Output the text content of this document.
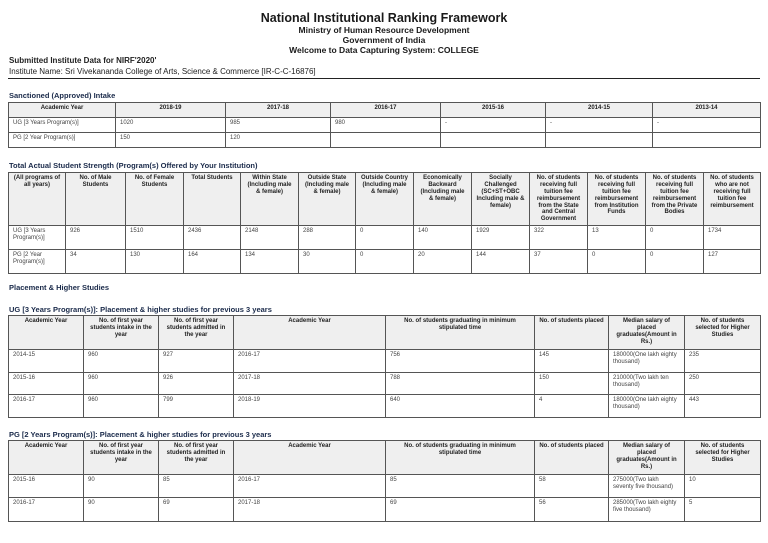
National Institutional Ranking Framework
Ministry of Human Resource Development
Government of India
Welcome to Data Capturing System: COLLEGE
Submitted Institute Data for NIRF'2020'
Institute Name: Sri Vivekananda College of Arts, Science & Commerce [IR-C-C-16876]
Sanctioned (Approved) Intake
Academic Year	2018-19	2017-18	2016-17	2015-16	2014-15	2013-14
UG [3 Years Program(s)]	1020	985	980	-	-	-
PG [2 Year Program(s)]	150	120				
Total Actual Student Strength (Program(s) Offered by Your Institution)
(All programs of all years)	No. of Male Students	No. of Female Students	Total Students	Within State (Including male & female)	Outside State (Including male & female)	Outside Country (Including male & female)	Economically Backward (Including male & female)	Socially Challenged (SC+ST+OBC Including male & female)	No. of students receiving full tuition fee reimbursement from the State and Central Government	No. of students receiving full tuition fee reimbursement from Institution Funds	No. of students receiving full tuition fee reimbursement from the Private Bodies	No. of students who are not receiving full tuition fee reimbursement
UG [3 Years Program(s)]	926	1510	2436	2148	288	0	140	1929	322	13	0	1734
PG [2 Year Program(s)]	34	130	164	134	30	0	20	144	37	0	0	127
Placement & Higher Studies
UG [3 Years Program(s)]: Placement & higher studies for previous 3 years
Academic Year	No. of first year students intake in the year	No. of first year students admitted in the year	Academic Year	No. of students graduating in minimum stipulated time	No. of students placed	Median salary of placed graduates(Amount in Rs.)	No. of students selected for Higher Studies
2014-15	960	927	2016-17	756	145	180000(One lakh eighty thousand)	235
2015-16	960	926	2017-18	788	150	210000(Two lakh ten thousand)	250
2016-17	960	799	2018-19	640	4	180000(One lakh eighty thousand)	443
PG [2 Years Program(s)]: Placement & higher studies for previous 3 years
Academic Year	No. of first year students intake in the year	No. of first year students admitted in the year	Academic Year	No. of students graduating in minimum stipulated time	No. of students placed	Median salary of placed graduates(Amount in Rs.)	No. of students selected for Higher Studies
2015-16	90	85	2016-17	85	58	275000(Two lakh seventy five thousand)	10
2016-17	90	69	2017-18	69	56	285000(Two lakh eighty five thousand)	5
